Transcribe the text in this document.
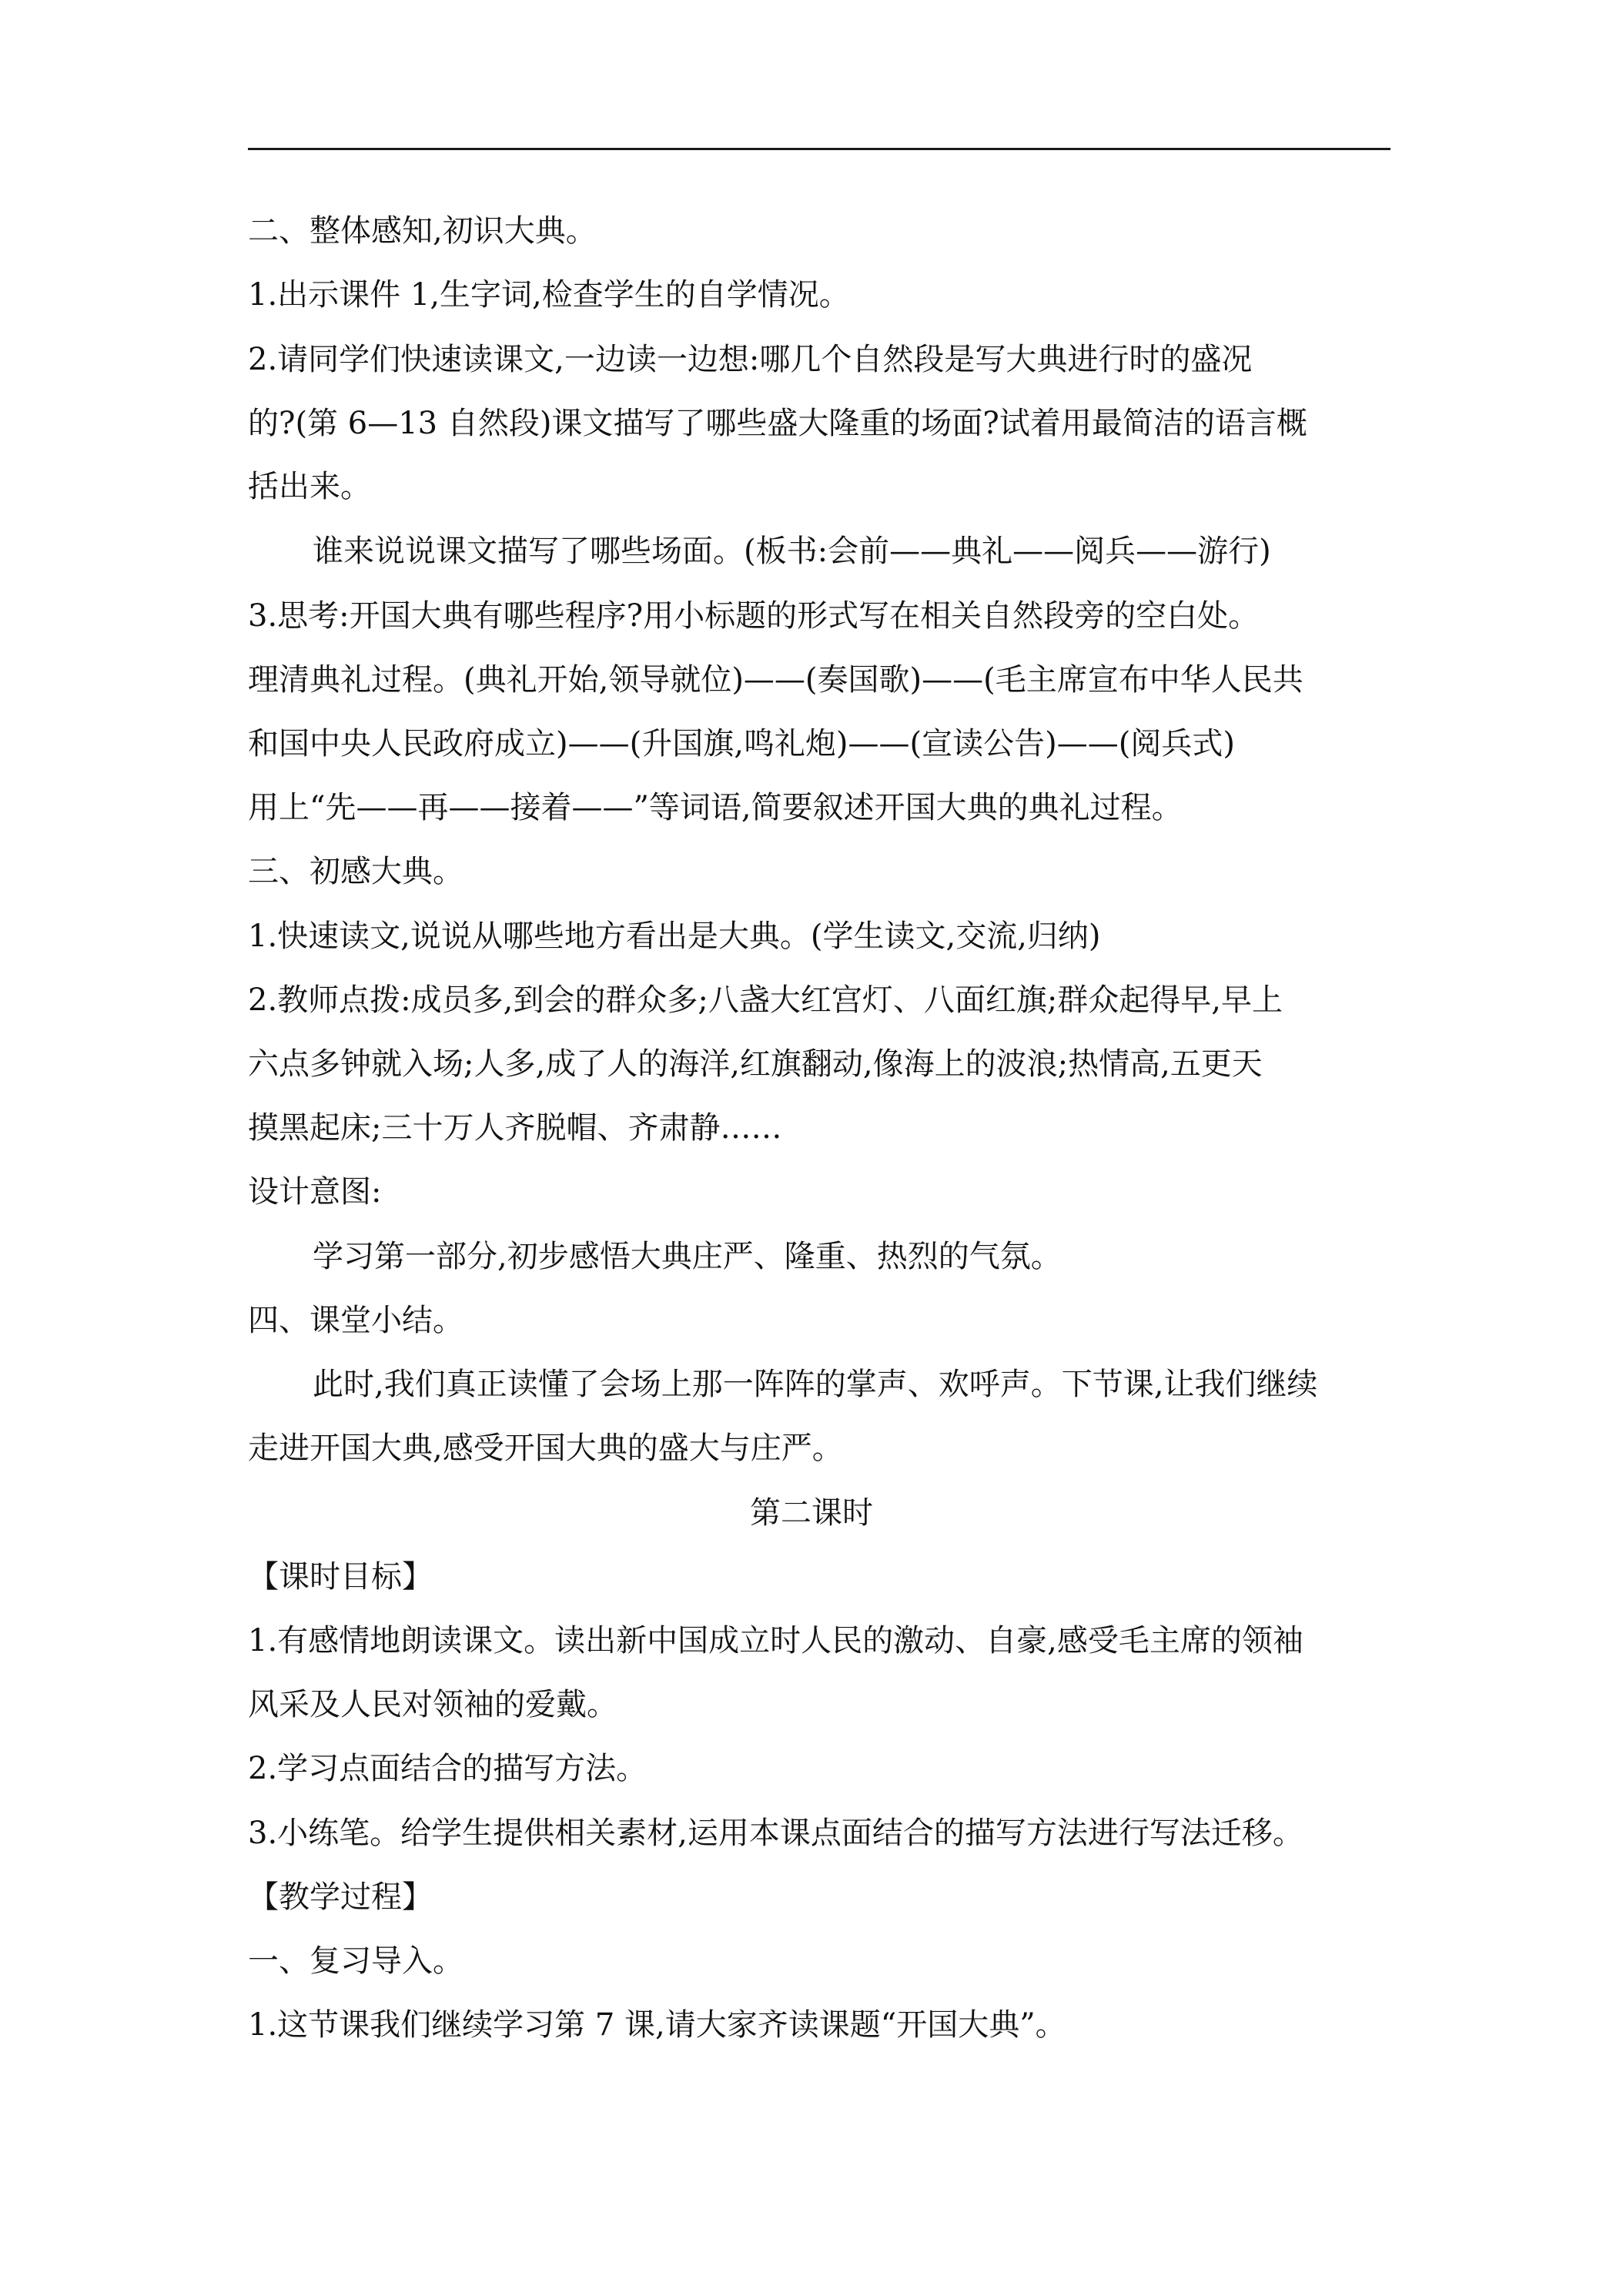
二、整体感知,初识大典。
1.出示课件 1,生字词,检查学生的自学情况。
2.请同学们快速读课文,一边读一边想:哪几个自然段是写大典进行时的盛况
的?(第 6—13 自然段)课文描写了哪些盛大隆重的场面?试着用最简洁的语言概
括出来。
谁来说说课文描写了哪些场面。(板书:会前——典礼——阅兵——游行)
3.思考:开国大典有哪些程序?用小标题的形式写在相关自然段旁的空白处。
理清典礼过程。(典礼开始,领导就位)——(奏国歌)——(毛主席宣布中华人民共
和国中央人民政府成立)——(升国旗,鸣礼炮)——(宣读公告)——(阅兵式)
用上“先——再——接着——”等词语,简要叙述开国大典的典礼过程。
三、初感大典。
1.快速读文,说说从哪些地方看出是大典。(学生读文,交流,归纳)
2.教师点拨:成员多,到会的群众多;八盏大红宫灯、八面红旗;群众起得早,早上
六点多钟就入场;人多,成了人的海洋,红旗翻动,像海上的波浪;热情高,五更天
摸黑起床;三十万人齐脱帽、齐肃静……
设计意图:
学习第一部分,初步感悟大典庄严、隆重、热烈的气氛。
四、课堂小结。
此时,我们真正读懂了会场上那一阵阵的掌声、欢呼声。下节课,让我们继续
走进开国大典,感受开国大典的盛大与庄严。
第二课时
【课时目标】
1.有感情地朗读课文。读出新中国成立时人民的激动、自豪,感受毛主席的领袖
风采及人民对领袖的爱戴。
2.学习点面结合的描写方法。
3.小练笔。给学生提供相关素材,运用本课点面结合的描写方法进行写法迁移。
【教学过程】
一、复习导入。
1.这节课我们继续学习第 7 课,请大家齐读课题“开国大典”。
